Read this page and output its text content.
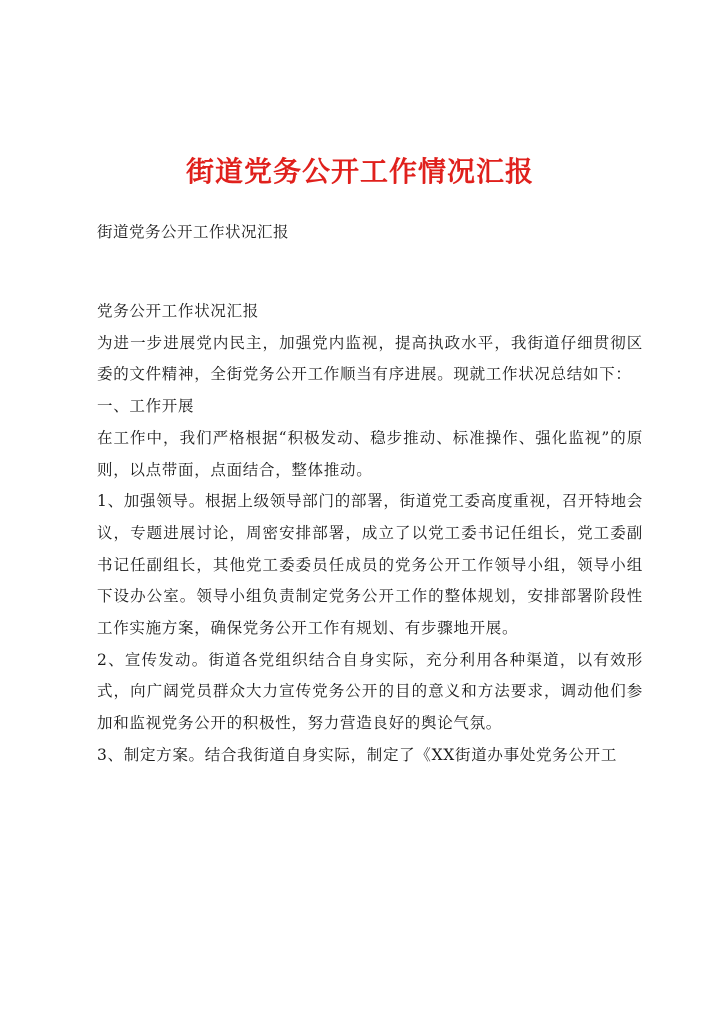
街道党务公开工作情况汇报

街道党务公开工作状况汇报

党务公开工作状况汇报

为进一步进展党内民主，加强党内监视，提高执政水平，我街道仔细贯彻区委的文件精神，全街党务公开工作顺当有序进展。现就工作状况总结如下：

一、工作开展

在工作中，我们严格根据“积极发动、稳步推动、标准操作、强化监视”的原则，以点带面，点面结合，整体推动。

1、加强领导。根据上级领导部门的部署，街道党工委高度重视，召开特地会议，专题进展讨论，周密安排部署，成立了以党工委书记任组长，党工委副书记任副组长，其他党工委委员任成员的党务公开工作领导小组，领导小组下设办公室。领导小组负责制定党务公开工作的整体规划，安排部署阶段性工作实施方案，确保党务公开工作有规划、有步骤地开展。

2、宣传发动。街道各党组织结合自身实际，充分利用各种渠道，以有效形式，向广阔党员群众大力宣传党务公开的目的意义和方法要求，调动他们参加和监视党务公开的积极性，努力营造良好的舆论气氛。

3、制定方案。结合我街道自身实际，制定了《XX街道办事处党务公开工
